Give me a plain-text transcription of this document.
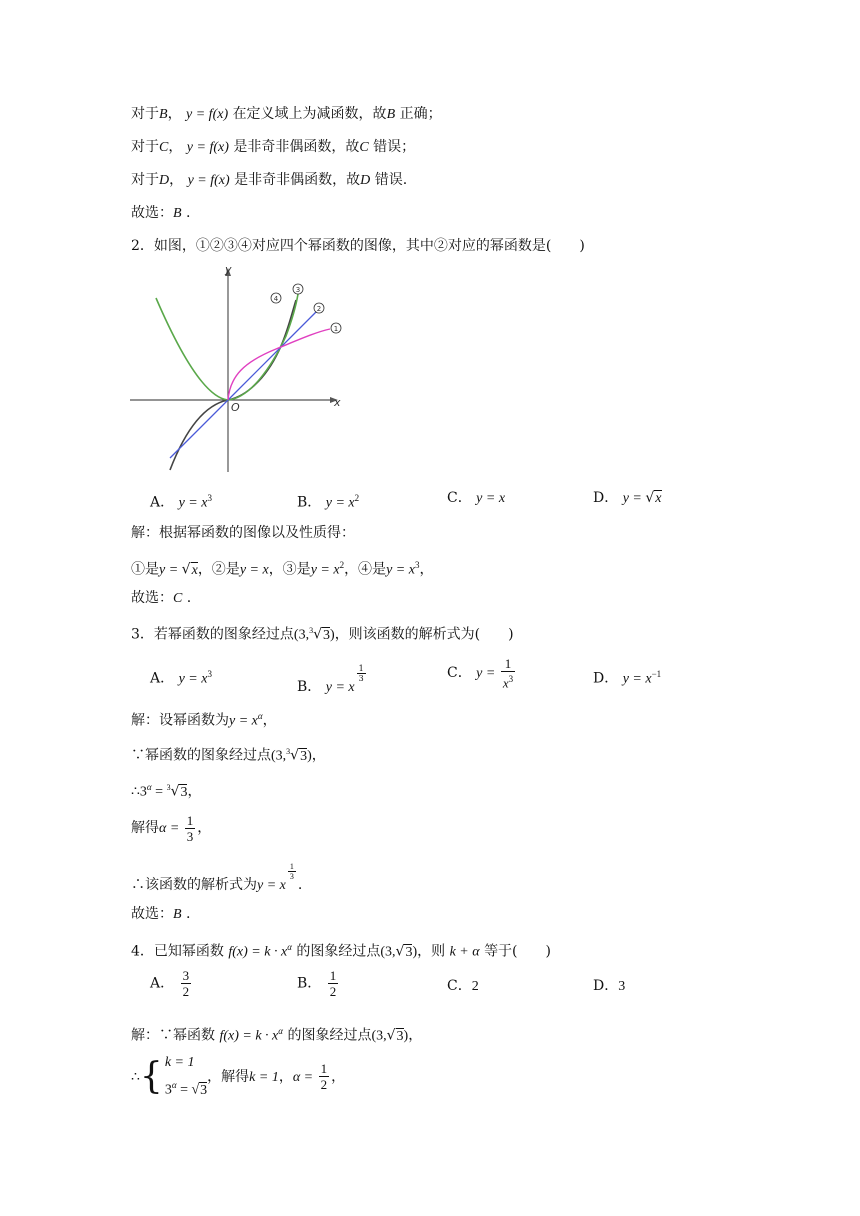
对于B， y = f(x) 在定义域上为减函数，故B 正确；
对于C， y = f(x) 是非奇非偶函数，故C 错误；
对于D， y = f(x) 是非奇非偶函数，故D 错误.
故选：B .
2．如图，①②③④对应四个幂函数的图像，其中②对应的幂函数是(　　)
y
x
O
4
3
2
1
A． $y = x^3$	B． $y = x^2$	C． y = x	D． y = √x
解：根据幂函数的图像以及性质得：
①是y = √x，②是y = x，③是$y = x^2$，④是$y = x^3$，
故选：C .
3．若幂函数的图象经过点(3,$^3$√3)，则该函数的解析式为(　　)
A． $y = x^3$
B． y = x
$\frac{1}{3}$	C． $y = \frac{1}{x^3}$	D． $y = x^{-1}$
解：设幂函数为$y = x^\alpha$，
∵幂函数的图象经过点(3,$^3$√3)，
$\therefore 3^\alpha = ^3√3$，
解得$\alpha = \frac{1}{3}$ ，
∴该函数的解析式为y = x
$\frac{1}{3}$
.
故选：B .
4．已知幂函数 $f(x) = k \cdot x^\alpha$ 的图象经过点(3,√3)，则 k + α 等于(　　)
A． $\frac{3}{2}$	B． $\frac{1}{2}$	C．2	D．3
解：∵幂函数 $f(x) = k \cdot x^\alpha$ 的图象经过点(3,√3)，
∴{ k = 1
$3^\alpha = √3$
，解得k = 1，$\alpha = \frac{1}{2}$ ，
